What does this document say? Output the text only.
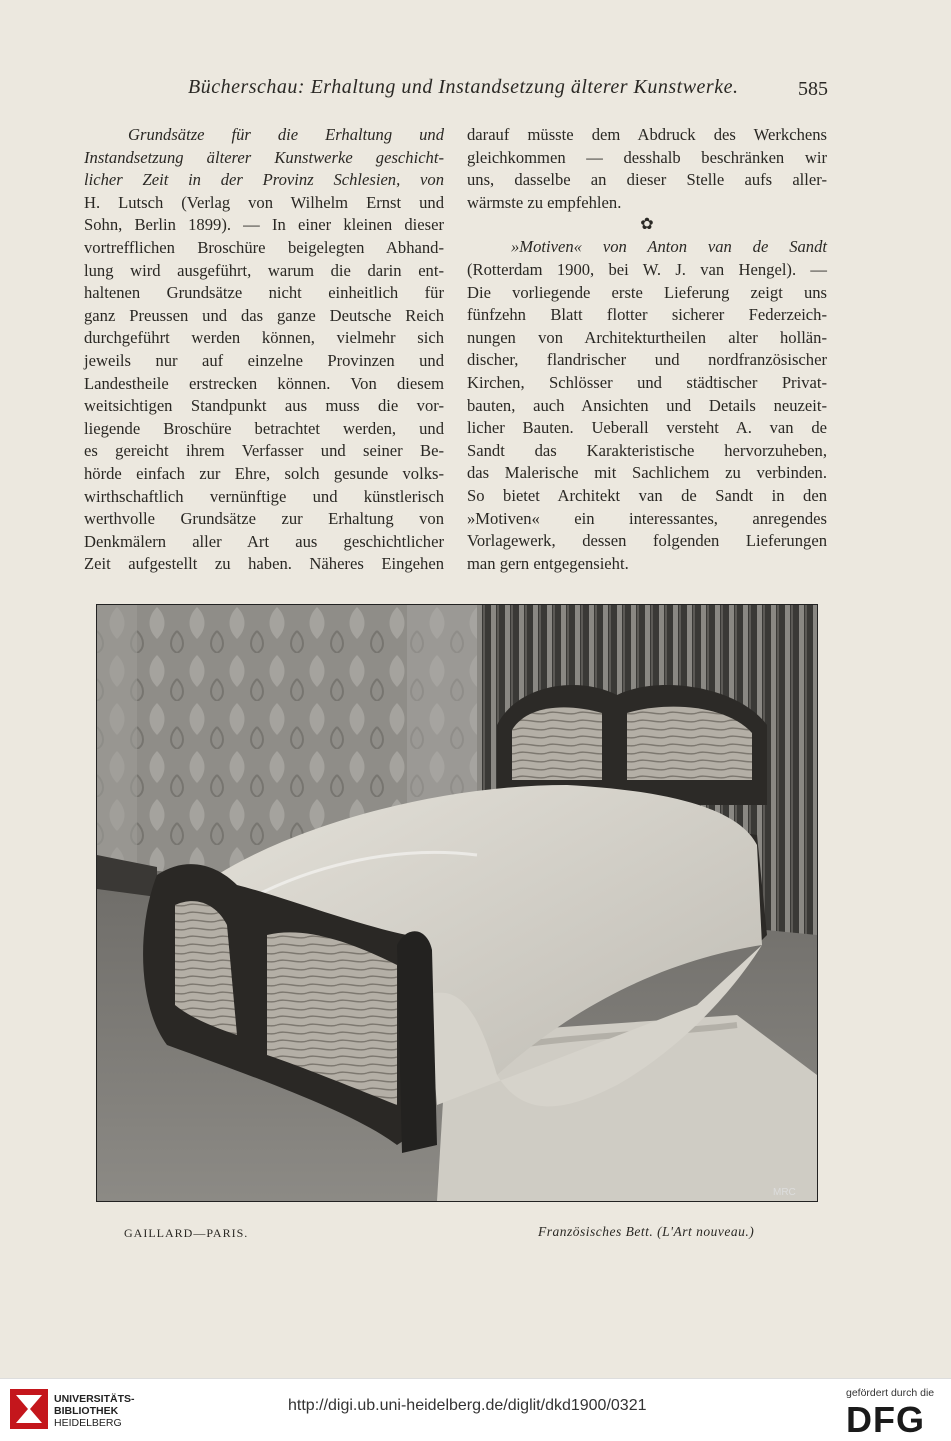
Bücherschau: Erhaltung und Instandsetzung älterer Kunstwerke.	585
Grundsätze für die Erhaltung und
Instandsetzung älterer Kunstwerke geschicht-
licher Zeit in der Provinz Schlesien, von
H. Lutsch (Verlag von Wilhelm Ernst und
Sohn, Berlin 1899). — In einer kleinen dieser
vortrefflichen Broschüre beigelegten Abhand-
lung wird ausgeführt, warum die darin ent-
haltenen Grundsätze nicht einheitlich für
ganz Preussen und das ganze Deutsche Reich
durchgeführt werden können, vielmehr sich
jeweils nur auf einzelne Provinzen und
Landestheile erstrecken können. Von diesem
weitsichtigen Standpunkt aus muss die vor-
liegende Broschüre betrachtet werden, und
es gereicht ihrem Verfasser und seiner Be-
hörde einfach zur Ehre, solch gesunde volks-
wirthschaftlich vernünftige und künstlerisch
werthvolle Grundsätze zur Erhaltung von
Denkmälern aller Art aus geschichtlicher
Zeit aufgestellt zu haben. Näheres Eingehen
darauf müsste dem Abdruck des Werkchens
gleichkommen — desshalb beschränken wir
uns, dasselbe an dieser Stelle aufs aller-
wärmste zu empfehlen.
✿
»Motiven« von Anton van de Sandt
(Rotterdam 1900, bei W. J. van Hengel). —
Die vorliegende erste Lieferung zeigt uns
fünfzehn Blatt flotter sicherer Federzeich-
nungen von Architekturtheilen alter hollän-
discher, flandrischer und nordfranzösischer
Kirchen, Schlösser und städtischer Privat-
bauten, auch Ansichten und Details neuzeit-
licher Bauten. Ueberall versteht A. van de
Sandt das Karakteristische hervorzuheben,
das Malerische mit Sachlichem zu verbinden.
So bietet Architekt van de Sandt in den
»Motiven« ein interessantes, anregendes
Vorlagewerk, dessen folgenden Lieferungen
man gern entgegensieht.
MRC
GAILLARD—PARIS.	Französisches Bett. (L'Art nouveau.)
UNIVERSITÄTS-
BIBLIOTHEK
HEIDELBERG
http://digi.ub.uni-heidelberg.de/diglit/dkd1900/0321
gefördert durch die
DFG
